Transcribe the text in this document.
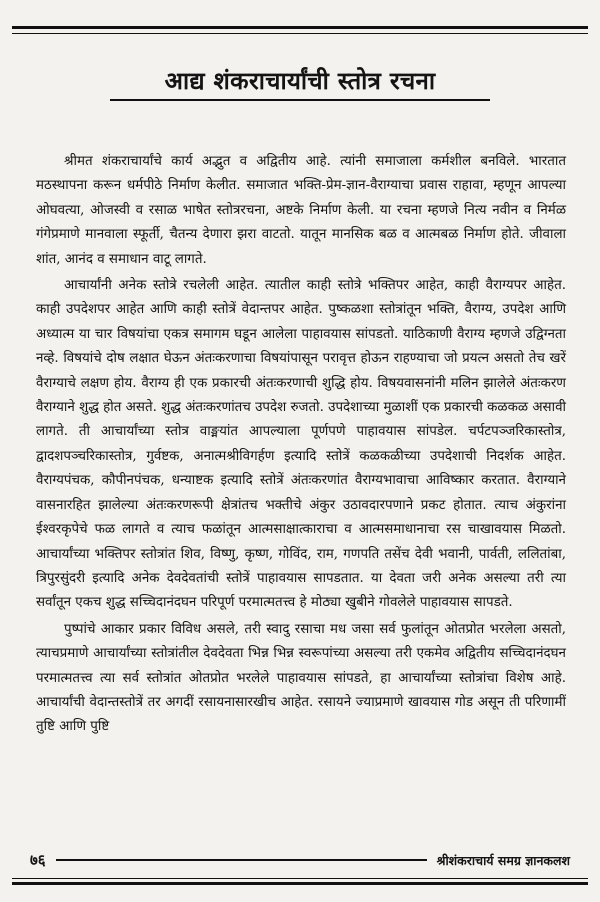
आद्य शंकराचार्यांची स्तोत्र रचना

श्रीमत शंकराचार्यांचे कार्य अद्भुत व अद्वितीय आहे. त्यांनी समाजाला कर्मशील बनविले. भारतात मठस्थापना करून धर्मपीठे निर्माण केलीत. समाजात भक्ति-प्रेम-ज्ञान-वैराग्याचा प्रवास राहावा, म्हणून आपल्या ओघवत्या, ओजस्वी व रसाळ भाषेत स्तोत्ररचना, अष्टके निर्माण केली. या रचना म्हणजे नित्य नवीन व निर्मळ गंगेप्रमाणे मानवाला स्फूर्ती, चैतन्य देणारा झरा वाटतो. यातून मानसिक बळ व आत्मबळ निर्माण होते. जीवाला शांत, आनंद व समाधान वाटू लागते.

आचार्यांनी अनेक स्तोत्रे रचलेली आहेत. त्यातील काही स्तोत्रे भक्तिपर आहेत, काही वैराग्यपर आहेत. काही उपदेशपर आहेत आणि काही स्तोत्रें वेदान्तपर आहेत. पुष्कळशा स्तोत्रांतून भक्ति, वैराग्य, उपदेश आणि अध्यात्म या चार विषयांचा एकत्र समागम घडून आलेला पाहावयास सांपडतो. याठिकाणी वैराग्य म्हणजे उद्विग्नता नव्हे. विषयांचे दोष लक्षात घेऊन अंतःकरणाचा विषयांपासून परावृत्त होऊन राहण्याचा जो प्रयत्न असतो तेच खरें वैराग्याचे लक्षण होय. वैराग्य ही एक प्रकारची अंतःकरणाची शुद्धि होय. विषयवासनांनी मलिन झालेले अंतःकरण वैराग्याने शुद्ध होत असते. शुद्ध अंतःकरणांतच उपदेश रुजतो. उपदेशाच्या मुळाशीं एक प्रकारची कळकळ असावी लागते. ती आचार्यांच्या स्तोत्र वाङ्मयांत आपल्याला पूर्णपणे पाहावयास सांपडेल. चर्पटपञ्जरिकास्तोत्र, द्वादशपञ्चरिकास्तोत्र, गुर्वष्टक, अनात्मश्रीविगर्हण इत्यादि स्तोत्रें कळकळीच्या उपदेशाची निदर्शक आहेत. वैराग्यपंचक, कौपीनपंचक, धन्याष्टक इत्यादि स्तोत्रें अंतःकरणांत वैराग्यभावाचा आविष्कार करतात. वैराग्याने वासनारहित झालेल्या अंतःकरणरूपी क्षेत्रांतच भक्तीचे अंकुर उठावदारपणाने प्रकट होतात. त्याच अंकुरांना ईश्वरकृपेचे फळ लागते व त्याच फळांतून आत्मसाक्षात्काराचा व आत्मसमाधानाचा रस चाखावयास मिळतो. आचार्यांच्या भक्तिपर स्तोत्रांत शिव, विष्णु, कृष्ण, गोविंद, राम, गणपति तसेंच देवी भवानी, पार्वती, ललितांबा, त्रिपुरसुंदरी इत्यादि अनेक देवदेवतांची स्तोत्रें पाहावयास सापडतात. या देवता जरी अनेक असल्या तरी त्या सर्वांतून एकच शुद्ध सच्चिदानंदघन परिपूर्ण परमात्मतत्त्व हे मोठ्या खुबीने गोवलेले पाहावयास सापडते.

पुष्पांचे आकार प्रकार विविध असले, तरी स्वादु रसाचा मध जसा सर्व फुलांतून ओतप्रोत भरलेला असतो, त्याचप्रमाणे आचार्यांच्या स्तोत्रांतील देवदेवता भिन्न भिन्न स्वरूपांच्या असल्या तरी एकमेव अद्वितीय सच्चिदानंदघन परमात्मतत्त्व त्या सर्व स्तोत्रांत ओतप्रोत भरलेले पाहावयास सांपडते, हा आचार्यांच्या स्तोत्रांचा विशेष आहे. आचार्यांची वेदान्तस्तोत्रें तर अगदीं रसायनासारखीच आहेत. रसायने ज्याप्रमाणे खावयास गोड असून ती परिणामीं तुष्टि आणि पुष्टि

७६	श्रीशंकराचार्य समग्र ज्ञानकलश
